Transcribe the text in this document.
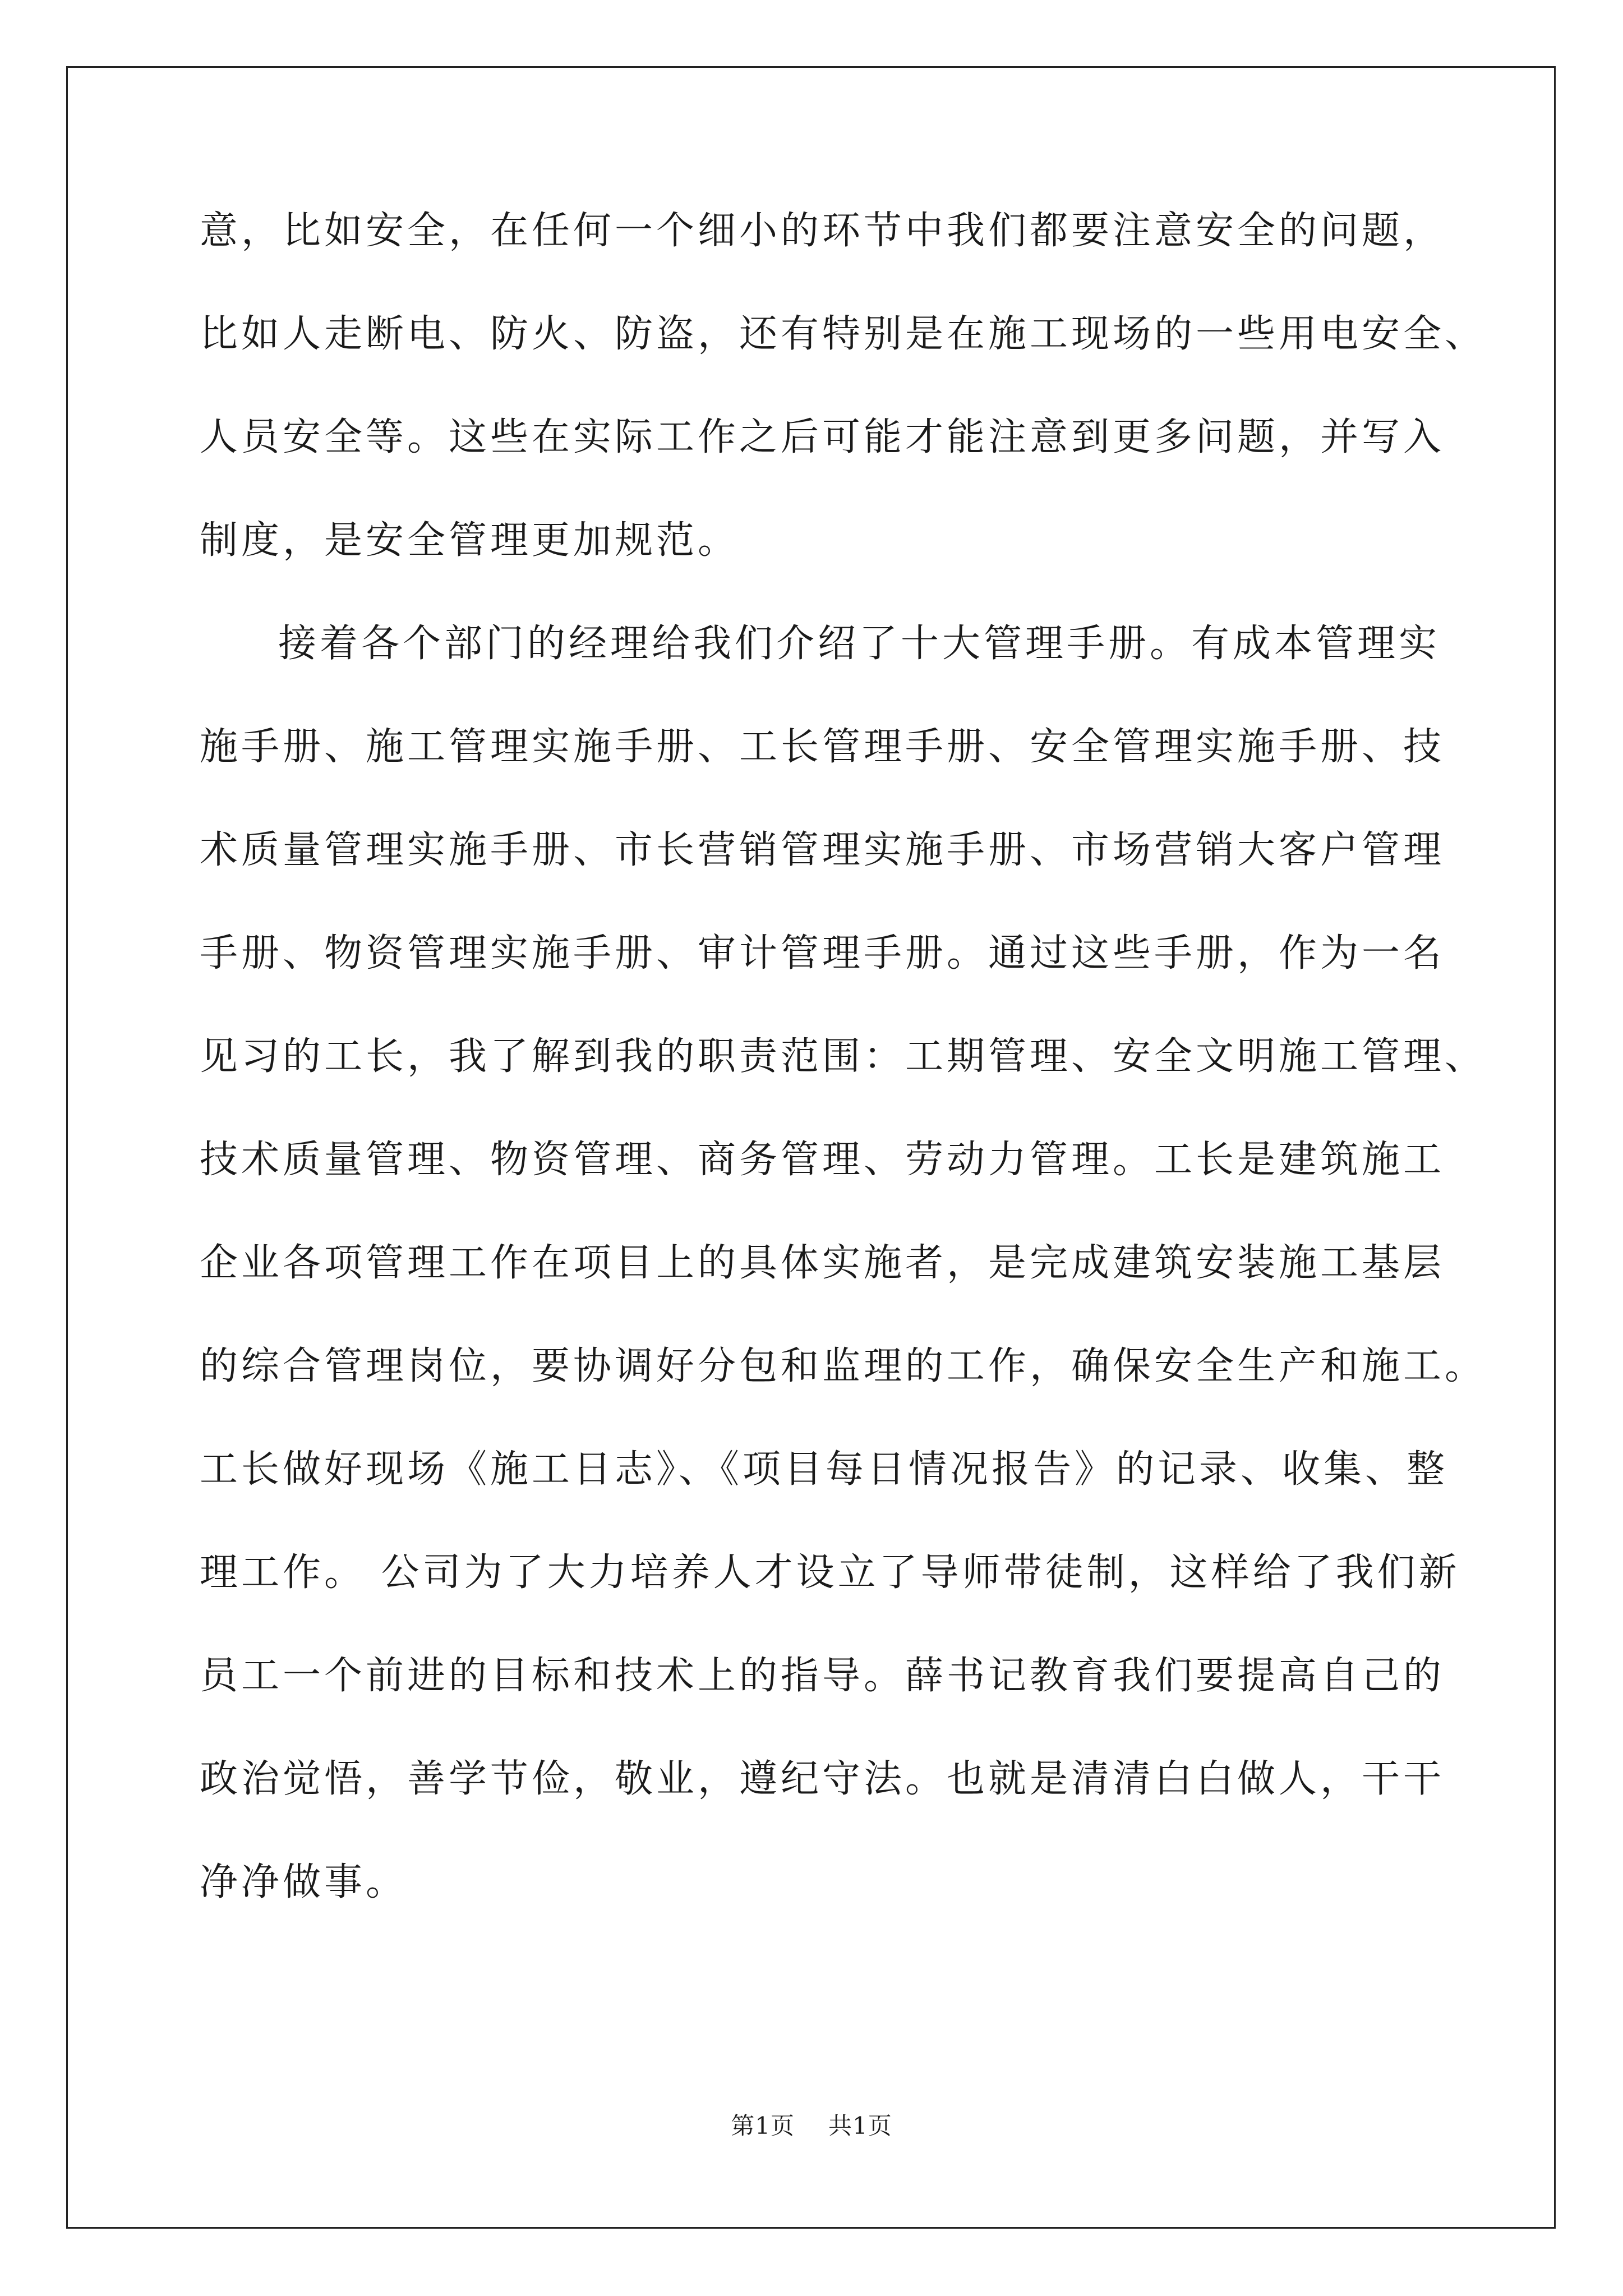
意，比如安全，在任何一个细小的环节中我们都要注意安全的问题，
比如人走断电、防火、防盗，还有特别是在施工现场的一些用电安全、
人员安全等。这些在实际工作之后可能才能注意到更多问题，并写入
制度，是安全管理更加规范。
接着各个部门的经理给我们介绍了十大管理手册。有成本管理实
施手册、施工管理实施手册、工长管理手册、安全管理实施手册、技
术质量管理实施手册、市长营销管理实施手册、市场营销大客户管理
手册、物资管理实施手册、审计管理手册。通过这些手册，作为一名
见习的工长，我了解到我的职责范围：工期管理、安全文明施工管理、
技术质量管理、物资管理、商务管理、劳动力管理。工长是建筑施工
企业各项管理工作在项目上的具体实施者，是完成建筑安装施工基层
的综合管理岗位，要协调好分包和监理的工作，确保安全生产和施工。
工长做好现场《施工日志》、《项目每日情况报告》的记录、收集、整
理工作。 公司为了大力培养人才设立了导师带徒制，这样给了我们新
员工一个前进的目标和技术上的指导。薛书记教育我们要提高自己的
政治觉悟，善学节俭，敬业，遵纪守法。也就是清清白白做人，干干
净净做事。
第1页 共1页
